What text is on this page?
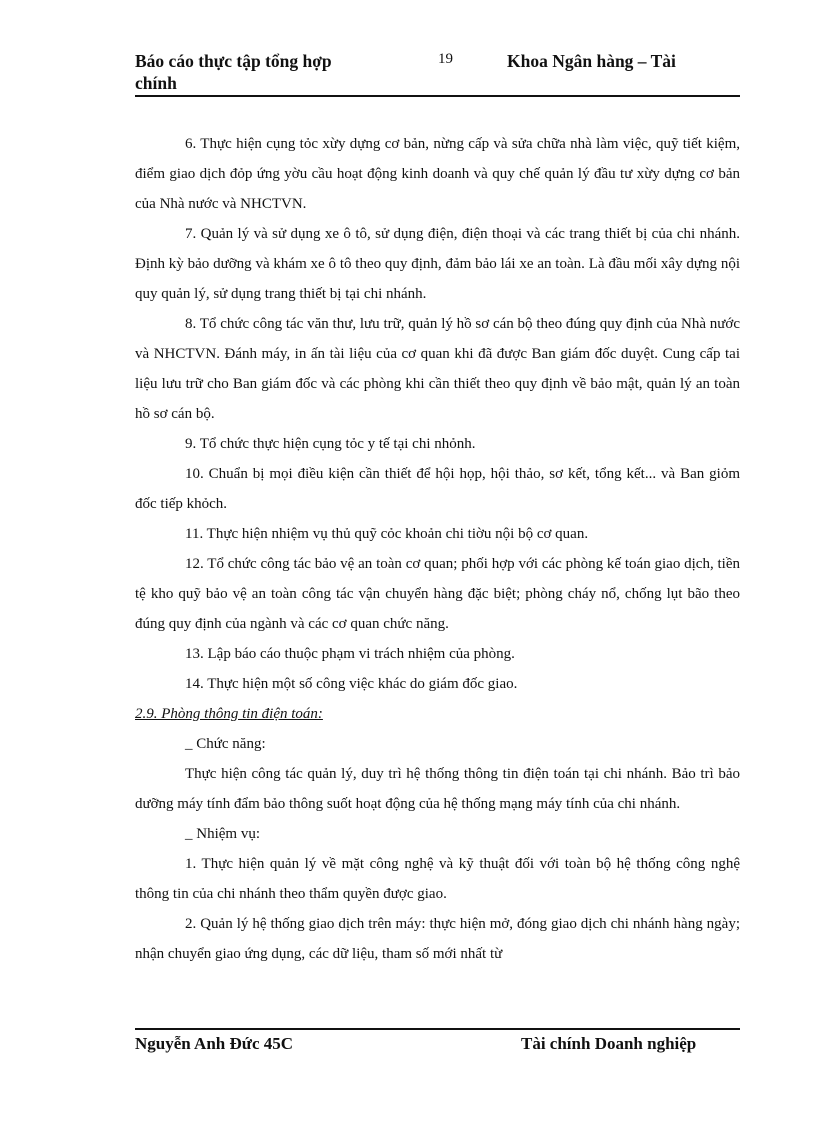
Báo cáo thực tập tổng hợp chính
19	Khoa Ngân hàng – Tài

6. Thực hiện cụng tỏc xừy dựng cơ bản, nừng cấp và sửa chữa nhà làm việc, quỹ tiết kiệm, điểm giao dịch đỏp ứng yờu cầu hoạt động kinh doanh và quy chế quản lý đầu tư xừy dựng cơ bản của Nhà nước và NHCTVN.

7. Quản lý và sử dụng xe ô tô, sử dụng điện, điện thoại và các trang thiết bị của chi nhánh. Định kỳ bảo dưỡng và khám xe ô tô theo quy định, đảm bảo lái xe an toàn. Là đầu mối xây dựng nội quy quản lý, sử dụng trang thiết bị tại chi nhánh.

8. Tổ chức công tác văn thư, lưu trữ, quản lý hồ sơ cán bộ theo đúng quy định của Nhà nước và NHCTVN. Đánh máy, in ấn tài liệu của cơ quan khi đã được Ban giám đốc duyệt. Cung cấp tai liệu lưu trữ cho Ban giám đốc và các phòng khi cần thiết theo quy định về bảo mật, quản lý an toàn hồ sơ cán bộ.

9. Tổ chức thực hiện cụng tỏc y tế tại chi nhỏnh.

10. Chuẩn bị mọi điều kiện cần thiết để hội họp, hội thảo, sơ kết, tổng kết... và Ban giỏm đốc tiếp khỏch.

11. Thực hiện nhiệm vụ thủ quỹ cỏc khoản chi tiờu nội bộ cơ quan.

12. Tổ chức công tác bảo vệ an toàn cơ quan; phối hợp với các phòng kế toán giao dịch, tiền tệ kho quỹ bảo vệ an toàn công tác vận chuyển hàng đặc biệt; phòng cháy nổ, chống lụt bão theo đúng quy định của ngành và các cơ quan chức năng.

13. Lập báo cáo thuộc phạm vi trách nhiệm của phòng.

14. Thực hiện một số công việc khác do giám đốc giao.

2.9. Phòng thông tin điện toán:

_ Chức năng:

Thực hiện công tác quản lý, duy trì hệ thống thông tin điện toán tại chi nhánh. Bảo trì bảo dưỡng máy tính đẩm bảo thông suốt hoạt động của hệ thống mạng máy tính của chi nhánh.

_ Nhiệm vụ:

1. Thực hiện quản lý về mặt công nghệ và kỹ thuật đối với toàn bộ hệ thống công nghệ thông tin của chi nhánh theo thẩm quyền được giao.

2. Quản lý hệ thống giao dịch trên máy: thực hiện mở, đóng giao dịch chi nhánh hàng ngày; nhận chuyển giao ứng dụng, các dữ liệu, tham số mới nhất từ

Nguyễn Anh Đức 45C	Tài chính Doanh nghiệp
